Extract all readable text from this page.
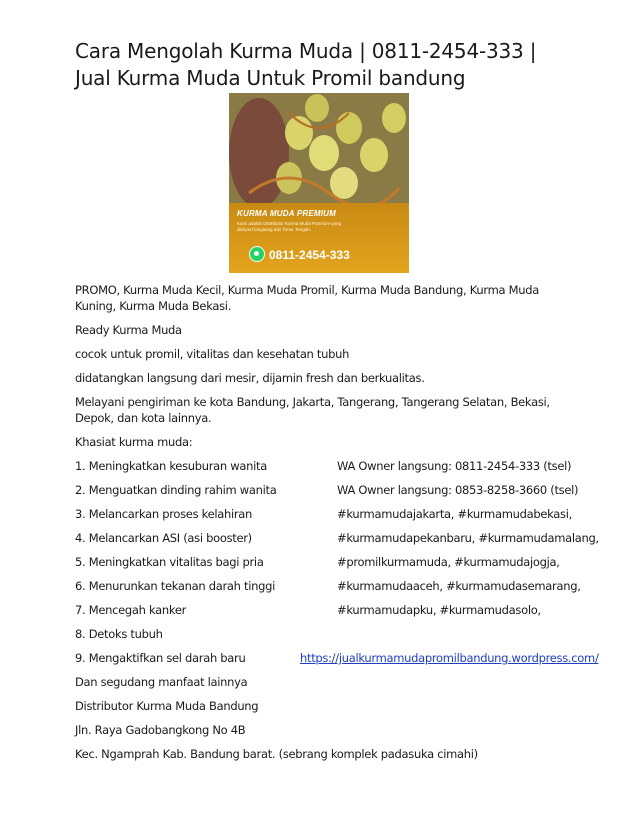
Cara Mengolah Kurma Muda | 0811-2454-333 | Jual Kurma Muda Untuk Promil bandung
KURMA MUDA PREMIUM
Kami adalah Distributor Kurma Muda Premium yang diimport langsung dari Timur Tengah.
0811-2454-333

PROMO, Kurma Muda Kecil, Kurma Muda Promil, Kurma Muda Bandung, Kurma Muda Kuning, Kurma Muda Bekasi.

Ready Kurma Muda

cocok untuk promil, vitalitas dan kesehatan tubuh

didatangkan langsung dari mesir, dijamin fresh dan berkualitas.

Melayani pengiriman ke kota Bandung, Jakarta, Tangerang, Tangerang Selatan, Bekasi, Depok, dan kota lainnya.

Khasiat kurma muda:

1. Meningkatkan kesuburan wanita	WA Owner langsung: 0811-2454-333 (tsel)
2. Menguatkan dinding rahim wanita	WA Owner langsung: 0853-8258-3660 (tsel)
3. Melancarkan proses kelahiran	#kurmamudajakarta, #kurmamudabekasi,
4. Melancarkan ASI (asi booster)	#kurmamudapekanbaru, #kurmamudamalang,
5. Meningkatkan vitalitas bagi pria	#promilkurmamuda, #kurmamudajogja,
6. Menurunkan tekanan darah tinggi	#kurmamudaaceh, #kurmamudasemarang,
7. Mencegah kanker	#kurmamudapku, #kurmamudasolo,
8. Detoks tubuh
9. Mengaktifkan sel darah baru	https://jualkurmamudapromilbandung.wordpress.com/

Dan segudang manfaat lainnya

Distributor Kurma Muda Bandung

Jln. Raya Gadobangkong No 4B

Kec. Ngamprah Kab. Bandung barat. (sebrang komplek padasuka cimahi)
